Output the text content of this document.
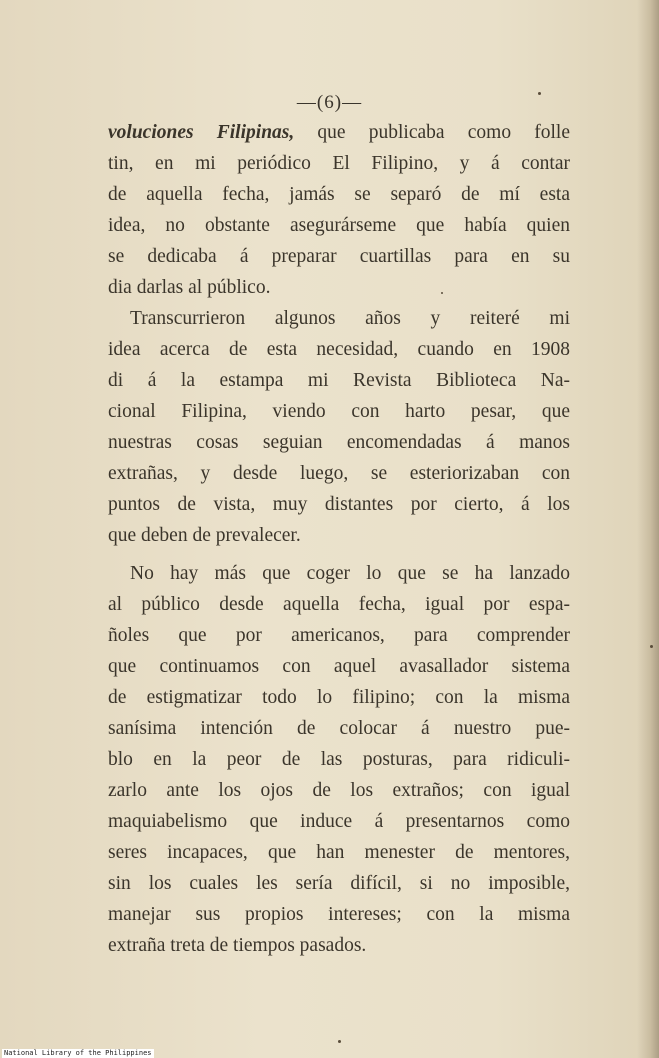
—(6)—
voluciones Filipinas, que publicaba como folle
tin, en mi periódico El Filipino, y á contar
de aquella fecha, jamás se separó de mí esta
idea, no obstante asegurárseme que había quien
se dedicaba á preparar cuartillas para en su
dia darlas al público.
Transcurrieron algunos años y reiteré mi
idea acerca de esta necesidad, cuando en 1908
di á la estampa mi Revista Biblioteca Na-
cional Filipina, viendo con harto pesar, que
nuestras cosas seguian encomendadas á manos
extrañas, y desde luego, se esteriorizaban con
puntos de vista, muy distantes por cierto, á los
que deben de prevalecer.
No hay más que coger lo que se ha lanzado
al público desde aquella fecha, igual por espa-
ñoles que por americanos, para comprender
que continuamos con aquel avasallador sistema
de estigmatizar todo lo filipino; con la misma
sanísima intención de colocar á nuestro pue-
blo en la peor de las posturas, para ridiculi-
zarlo ante los ojos de los extraños; con igual
maquiabelismo que induce á presentarnos como
seres incapaces, que han menester de mentores,
sin los cuales les sería difícil, si no imposible,
manejar sus propios intereses; con la misma
extraña treta de tiempos pasados.
National Library of the Philippines
